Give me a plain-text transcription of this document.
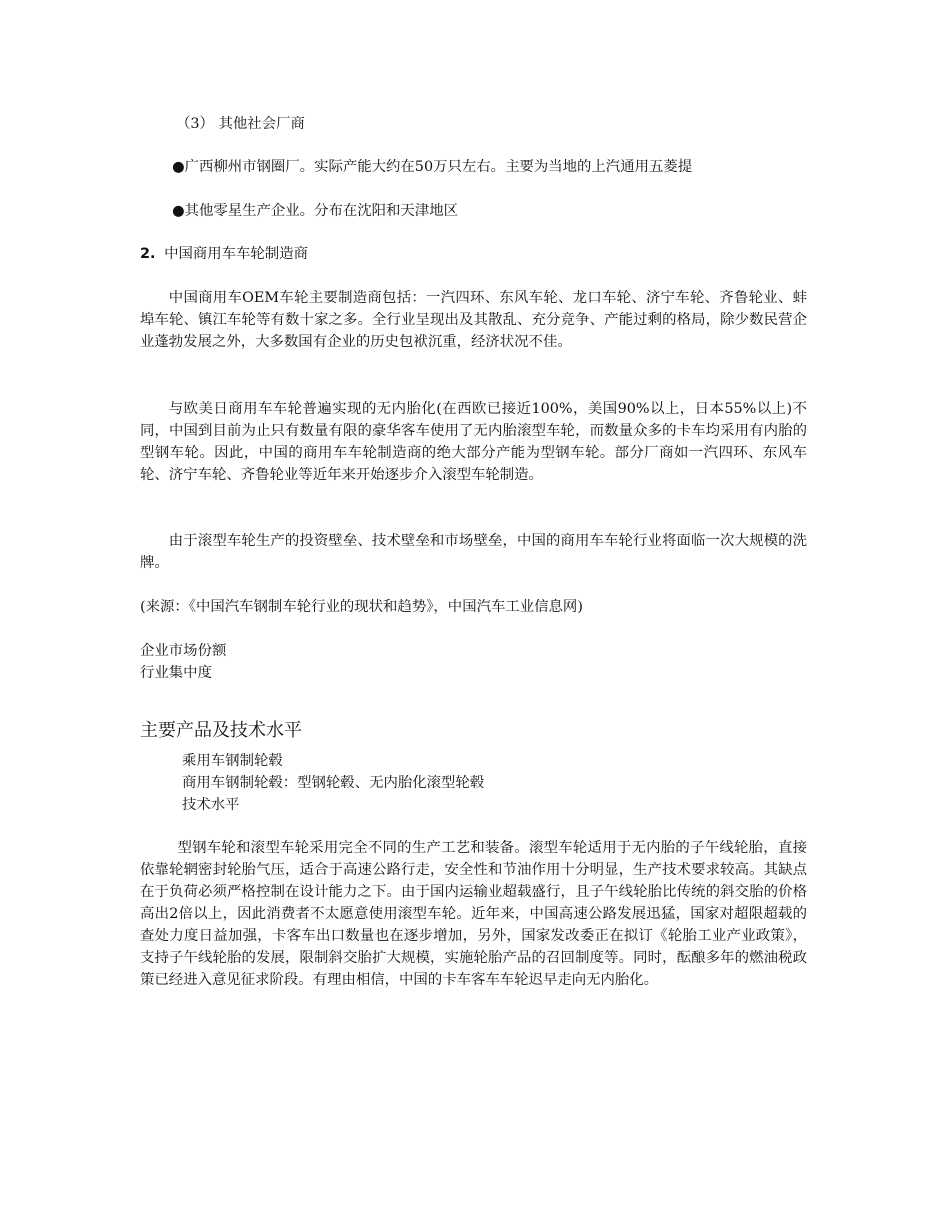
（3） 其他社会厂商

●广西柳州市钢圈厂。实际产能大约在50万只左右。主要为当地的上汽通用五菱提

●其他零星生产企业。分布在沈阳和天津地区

2. 中国商用车车轮制造商

中国商用车OEM车轮主要制造商包括：一汽四环、东风车轮、龙口车轮、济宁车轮、齐鲁轮业、蚌埠车轮、镇江车轮等有数十家之多。全行业呈现出及其散乱、充分竞争、产能过剩的格局，除少数民营企业蓬勃发展之外，大多数国有企业的历史包袱沉重，经济状况不佳。

与欧美日商用车车轮普遍实现的无内胎化(在西欧已接近100%，美国90%以上，日本55%以上)不同，中国到目前为止只有数量有限的豪华客车使用了无内胎滚型车轮，而数量众多的卡车均采用有内胎的型钢车轮。因此，中国的商用车车轮制造商的绝大部分产能为型钢车轮。部分厂商如一汽四环、东风车轮、济宁车轮、齐鲁轮业等近年来开始逐步介入滚型车轮制造。

由于滚型车轮生产的投资壁垒、技术壁垒和市场壁垒，中国的商用车车轮行业将面临一次大规模的洗牌。

(来源：《中国汽车钢制车轮行业的现状和趋势》，中国汽车工业信息网)

企业市场份额

行业集中度

主要产品及技术水平

乘用车钢制轮毂

商用车钢制轮毂：型钢轮毂、无内胎化滚型轮毂

技术水平

型钢车轮和滚型车轮采用完全不同的生产工艺和装备。滚型车轮适用于无内胎的子午线轮胎，直接依靠轮辋密封轮胎气压，适合于高速公路行走，安全性和节油作用十分明显，生产技术要求较高。其缺点在于负荷必须严格控制在设计能力之下。由于国内运输业超载盛行，且子午线轮胎比传统的斜交胎的价格高出2倍以上，因此消费者不太愿意使用滚型车轮。近年来，中国高速公路发展迅猛，国家对超限超载的查处力度日益加强，卡客车出口数量也在逐步增加，另外，国家发改委正在拟订《轮胎工业产业政策》，支持子午线轮胎的发展，限制斜交胎扩大规模，实施轮胎产品的召回制度等。同时，酝酿多年的燃油税政策已经进入意见征求阶段。有理由相信，中国的卡车客车车轮迟早走向无内胎化。
